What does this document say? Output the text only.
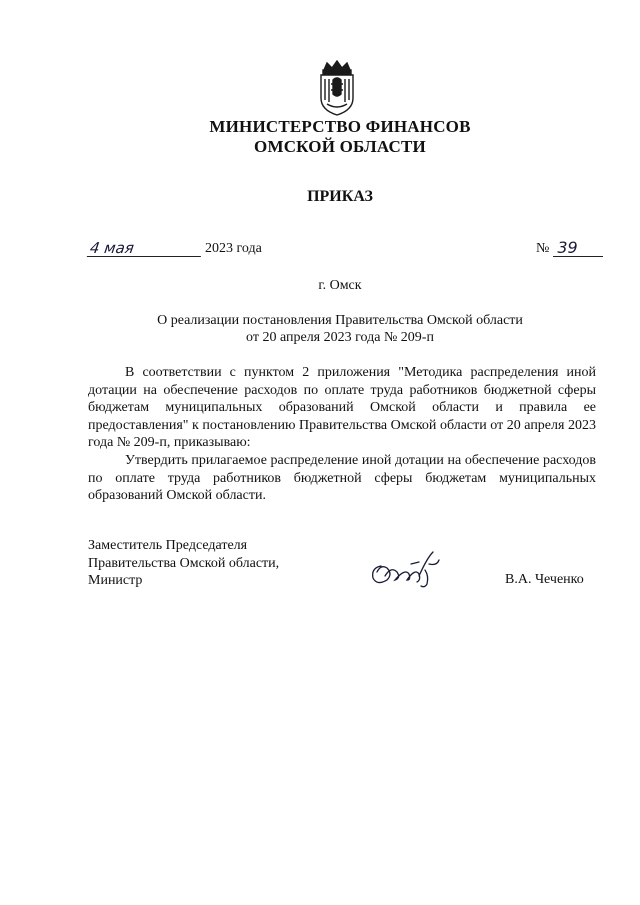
МИНИСТЕРСТВО ФИНАНСОВ
ОМСКОЙ ОБЛАСТИ
ПРИКАЗ
4 мая	2023 года	№ 39
г. Омск
О реализации постановления Правительства Омской области
от 20 апреля 2023 года № 209-п

В соответствии с пунктом 2 приложения "Методика распределения иной дотации на обеспечение расходов по оплате труда работников бюджетной сферы бюджетам муниципальных образований Омской области и правила ее предоставления" к постановлению Правительства Омской области от 20 апреля 2023 года № 209-п, приказываю:

Утвердить прилагаемое распределение иной дотации на обеспечение расходов по оплате труда работников бюджетной сферы бюджетам муниципальных образований Омской области.

Заместитель Председателя
Правительства Омской области,
Министр	В.А. Чеченко
